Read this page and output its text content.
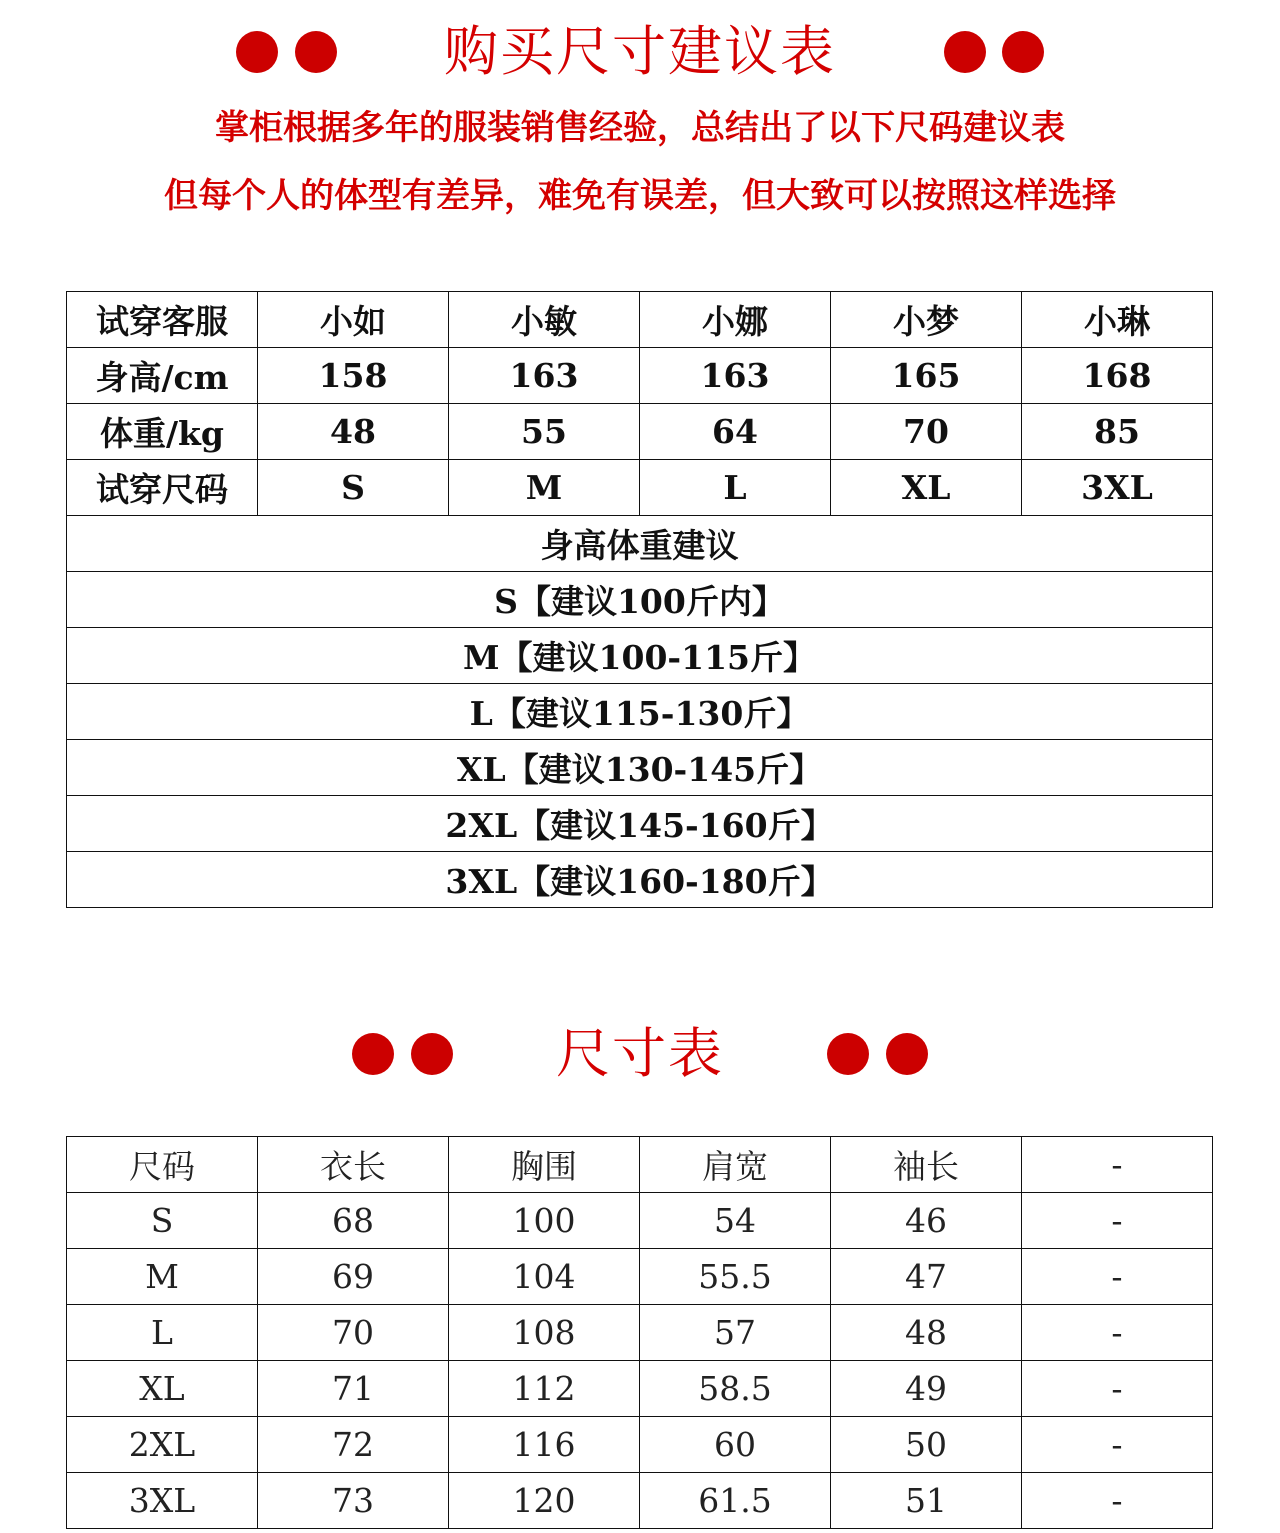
购买尺寸建议表
掌柜根据多年的服装销售经验，总结出了以下尺码建议表
但每个人的体型有差异，难免有误差，但大致可以按照这样选择
试穿客服	小如	小敏	小娜	小梦	小琳
身高/cm	158	163	163	165	168
体重/kg	48	55	64	70	85
试穿尺码	S	M	L	XL	3XL
身高体重建议					
S【建议100斤内】					
M【建议100-115斤】					
L【建议115-130斤】					
XL【建议130-145斤】					
2XL【建议145-160斤】					
3XL【建议160-180斤】					
尺寸表
尺码	衣长	胸围	肩宽	袖长	-
S	68	100	54	46	-
M	69	104	55.5	47	-
L	70	108	57	48	-
XL	71	112	58.5	49	-
2XL	72	116	60	50	-
3XL	73	120	61.5	51	-
